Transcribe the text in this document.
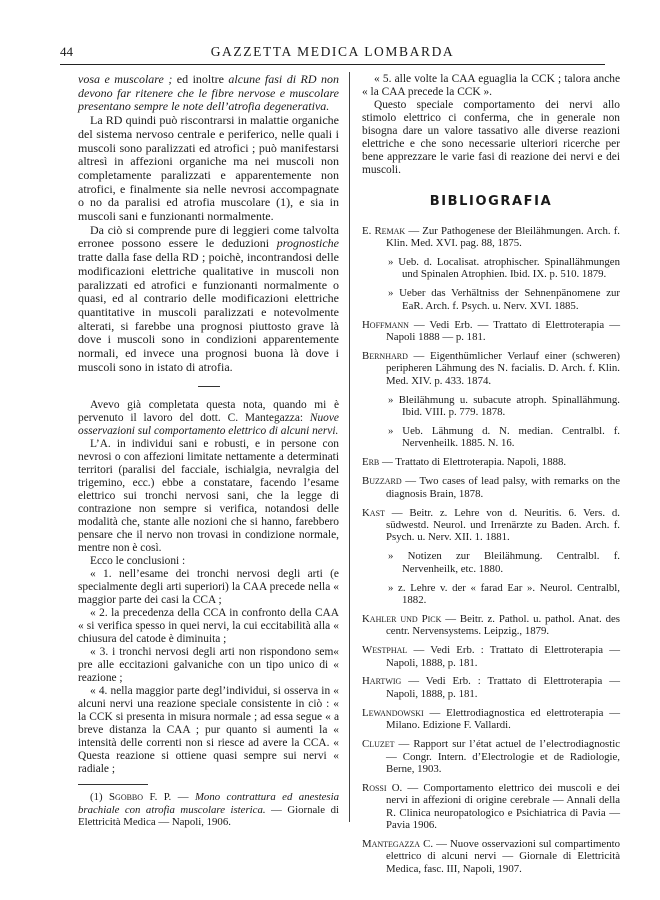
44	GAZZETTA MEDICA LOMBARDA

vosa e muscolare ; ed inoltre alcune fasi di RD non devono far ritenere che le fibre nervose e muscolare presentano sempre le note dell’atrofia degenerativa.

La RD quindi può riscontrarsi in malattie organiche del sistema nervoso centrale e periferico, nelle quali i muscoli sono paralizzati ed atrofici ; può manifestarsi altresì in affezioni organiche ma nei muscoli non completamente paralizzati e apparentemente non atrofici, e finalmente sia nelle nevrosi accompagnate o no da paralisi ed atrofia muscolare (1), e sia in muscoli sani e funzionanti normalmente.

Da ciò si comprende pure di leggieri come talvolta erronee possono essere le deduzioni prognostiche tratte dalla fase della RD ; poichè, incontrandosi delle modificazioni elettriche qualitative in muscoli non paralizzati ed atrofici e funzionanti normalmente o quasi, ed al contrario delle modificazioni elettriche quantitative in muscoli paralizzati e notevolmente alterati, si farebbe una prognosi piuttosto grave là dove i muscoli sono in condizioni apparentemente normali, ed invece una prognosi buona là dove i muscoli sono in istato di atrofia.

Avevo già completata questa nota, quando mi è pervenuto il lavoro del dott. C. Mantegazza: Nuove osservazioni sul comportamento elettrico di alcuni nervi.

L’A. in individui sani e robusti, e in persone con nevrosi o con affezioni limitate nettamente a determinati territori (paralisi del facciale, ischialgia, nevralgia del trigemino, ecc.) ebbe a constatare, facendo l’esame elettrico sui tronchi nervosi sani, che la legge di contrazione non sempre si verifica, notandosi delle modalità che, stante alle nozioni che si hanno, farebbero pensare che il nervo non trovasi in condizione normale, mentre non è così.

Ecco le conclusioni :

« 1. nell’esame dei tronchi nervosi degli arti (e specialmente degli arti superiori) la CAA precede nella « maggior parte dei casi la CCA ;

« 2. la precedenza della CCA in confronto della CAA « si verifica spesso in quei nervi, la cui eccitabilità alla « chiusura del catode è diminuita ;

« 3. i tronchi nervosi degli arti non rispondono sem« pre alle eccitazioni galvaniche con un tipo unico di « reazione ;

« 4. nella maggior parte degl’individui, si osserva in « alcuni nervi una reazione speciale consistente in ciò : « la CCK si presenta in misura normale ; ad essa segue « a breve distanza la CAA ; pur quanto si aumenti la « intensità delle correnti non si riesce ad avere la CCA. « Questa reazione si ottiene quasi sempre sui nervi « radiale ;

(1) Sgobbo F. P. — Mono contrattura ed anestesia brachiale con atrofia muscolare isterica. — Giornale di Elettricità Medica — Napoli, 1906.

« 5. alle volte la CAA eguaglia la CCK ; talora anche « la CAA precede la CCK ».

Questo speciale comportamento dei nervi allo stimolo elettrico ci conferma, che in generale non bisogna dare un valore tassativo alle diverse reazioni elettriche e che sono necessarie ulteriori ricerche per bene apprezzare le varie fasi di reazione dei nervi e dei muscoli.

BIBLIOGRAFIA

E. Remak — Zur Pathogenese der Bleilähmungen. Arch. f. Klin. Med. XVI. pag. 88, 1875.

» Ueb. d. Localisat. atrophischer. Spinallähmungen und Spinalen Atrophien. Ibid. IX. p. 510. 1879.

» Ueber das Verhältniss der Sehnenpänomene zur EaR. Arch. f. Psych. u. Nerv. XVI. 1885.

Hoffmann — Vedi Erb. — Trattato di Elettroterapia — Napoli 1888 — p. 181.

Bernhard — Eigenthümlicher Verlauf einer (schweren) peripheren Lähmung des N. facialis. D. Arch. f. Klin. Med. XIV. p. 433. 1874.

» Bleilähmung u. subacute atroph. Spinallähmung. Ibid. VIII. p. 779. 1878.

» Ueb. Lähmung d. N. median. Centralbl. f. Nervenheilk. 1885. N. 16.

Erb — Trattato di Elettroterapia. Napoli, 1888.

Buzzard — Two cases of lead palsy, with remarks on the diagnosis Brain, 1878.

Kast — Beitr. z. Lehre von d. Neuritis. 6. Vers. d. südwestd. Neurol. und Irrenärzte zu Baden. Arch. f. Psych. u. Nerv. XII. 1. 1881.

» Notizen zur Bleilähmung. Centralbl. f. Nervenheilk, etc. 1880.

» z. Lehre v. der « farad Ear ». Neurol. Centralbl, 1882.

Kahler und Pick — Beitr. z. Pathol. u. pathol. Anat. des centr. Nervensystems. Leipzig., 1879.

Westphal — Vedi Erb. : Trattato di Elettroterapia — Napoli, 1888, p. 181.

Hartwig — Vedi Erb. : Trattato di Elettroterapia — Napoli, 1888, p. 181.

Lewandowski — Elettrodiagnostica ed elettroterapia — Milano. Edizione F. Vallardi.

Cluzet — Rapport sur l’état actuel de l’electrodiagnostic — Congr. Intern. d’Electrologie et de Radiologie, Berne, 1903.

Rossi O. — Comportamento elettrico dei muscoli e dei nervi in affezioni di origine cerebrale — Annali della R. Clinica neuropatologico e Psichiatrica di Pavia — Pavia 1906.

Mantegazza C. — Nuove osservazioni sul compartimento elettrico di alcuni nervi — Giornale di Elettricità Medica, fasc. III, Napoli, 1907.
